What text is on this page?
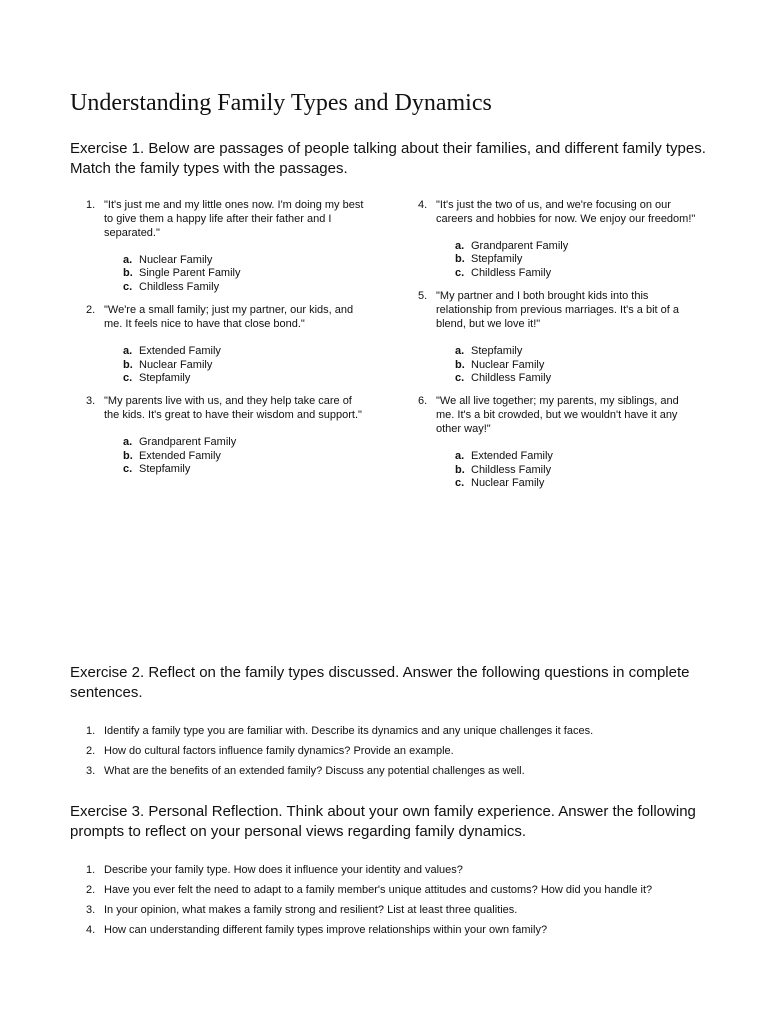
Understanding Family Types and Dynamics
Exercise 1. Below are passages of people talking about their families, and different family types. Match the family types with the passages.
1. "It's just me and my little ones now. I'm doing my best to give them a happy life after their father and I separated."
a. Nuclear Family
b. Single Parent Family
c. Childless Family
2. "We're a small family; just my partner, our kids, and me. It feels nice to have that close bond."
a. Extended Family
b. Nuclear Family
c. Stepfamily
3. "My parents live with us, and they help take care of the kids. It's great to have their wisdom and support."
a. Grandparent Family
b. Extended Family
c. Stepfamily
4. "It's just the two of us, and we're focusing on our careers and hobbies for now. We enjoy our freedom!"
a. Grandparent Family
b. Stepfamily
c. Childless Family
5. "My partner and I both brought kids into this relationship from previous marriages. It's a bit of a blend, but we love it!"
a. Stepfamily
b. Nuclear Family
c. Childless Family
6. "We all live together; my parents, my siblings, and me. It's a bit crowded, but we wouldn't have it any other way!"
a. Extended Family
b. Childless Family
c. Nuclear Family
Exercise 2. Reflect on the family types discussed. Answer the following questions in complete sentences.
1. Identify a family type you are familiar with. Describe its dynamics and any unique challenges it faces.
2. How do cultural factors influence family dynamics? Provide an example.
3. What are the benefits of an extended family? Discuss any potential challenges as well.
Exercise 3. Personal Reflection. Think about your own family experience. Answer the following prompts to reflect on your personal views regarding family dynamics.
1. Describe your family type. How does it influence your identity and values?
2. Have you ever felt the need to adapt to a family member's unique attitudes and customs? How did you handle it?
3. In your opinion, what makes a family strong and resilient? List at least three qualities.
4. How can understanding different family types improve relationships within your own family?
